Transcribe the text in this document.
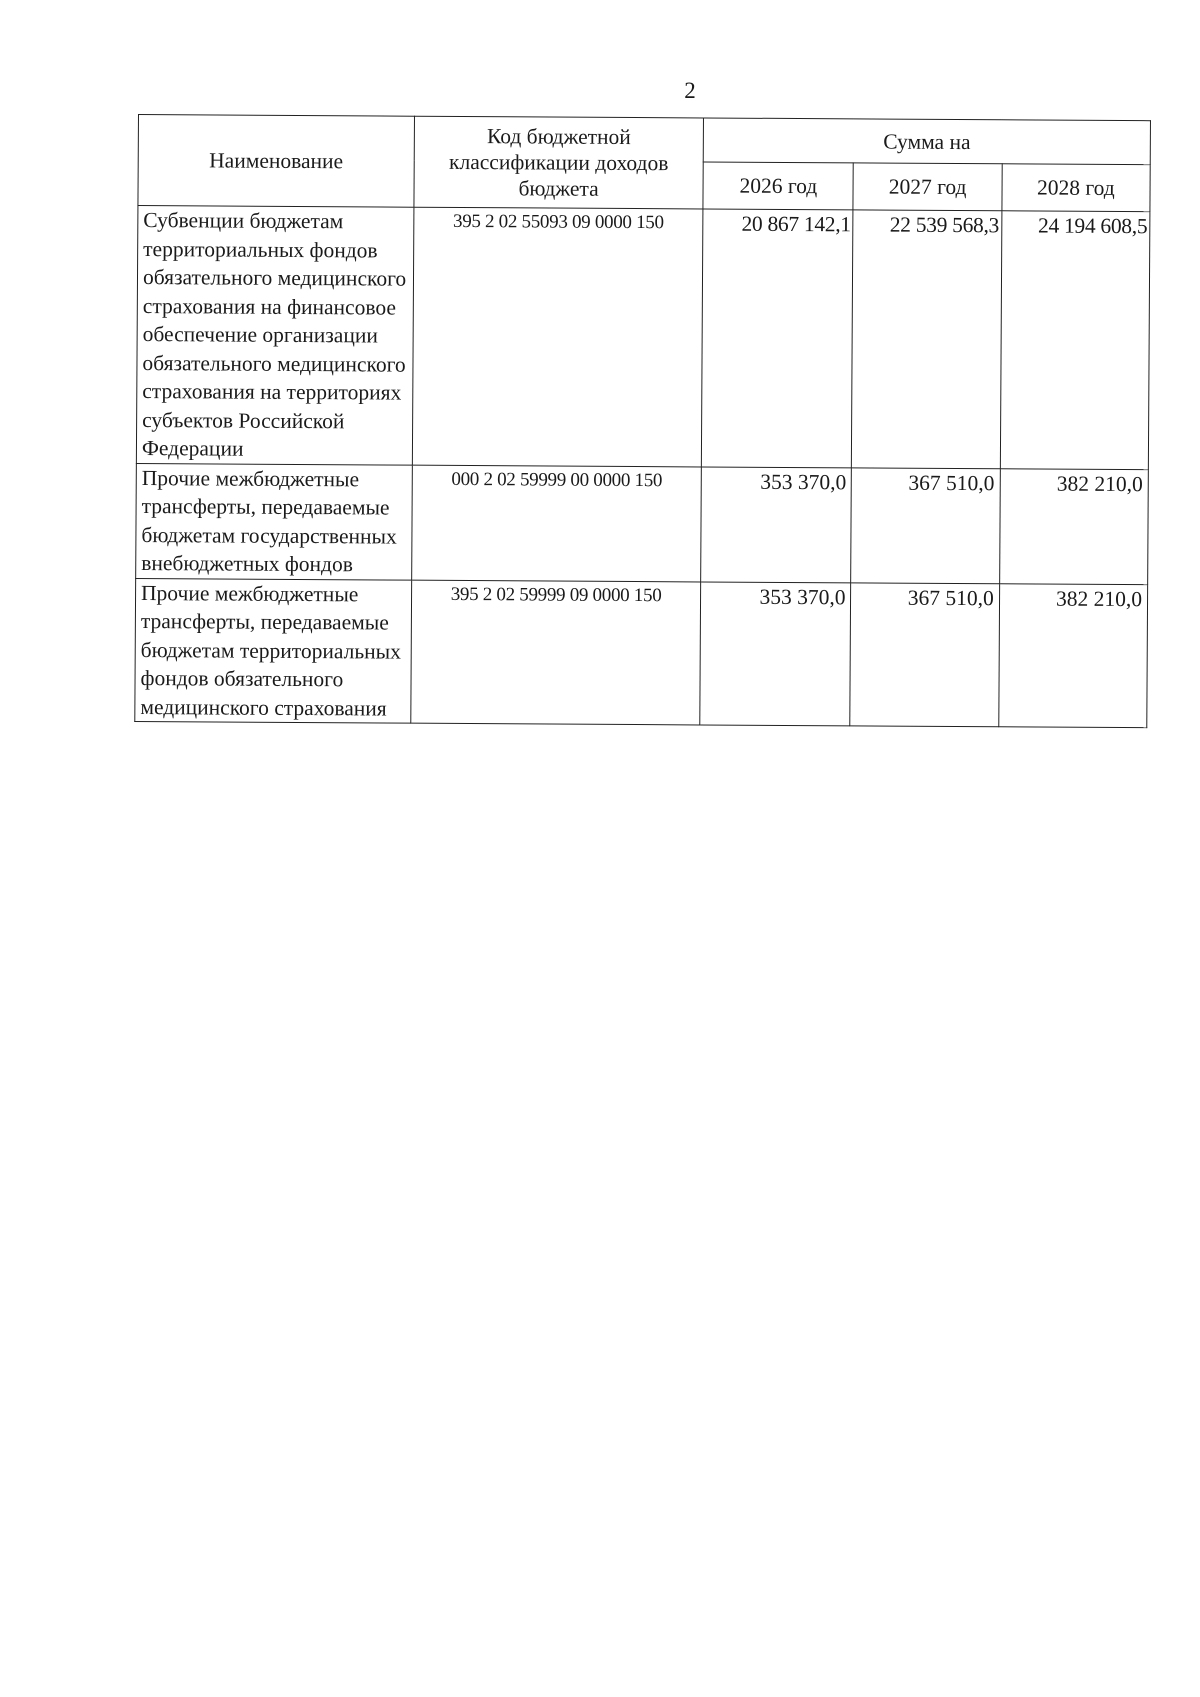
2
Наименование	Код бюджетной классификации доходов бюджета	Сумма на		
		2026 год	2027 год	2028 год
Субвенции бюджетам территориальных фондов обязательного медицинского страхования на финансовое обеспечение организации обязательного медицинского страхования на территориях субъектов Российской Федерации	395 2 02 55093 09 0000 150	20 867 142,1	22 539 568,3	24 194 608,5
Прочие межбюджетные трансферты, передаваемые бюджетам государственных внебюджетных фондов	000 2 02 59999 00 0000 150	353 370,0	367 510,0	382 210,0
Прочие межбюджетные трансферты, передаваемые бюджетам территориальных фондов обязательного медицинского страхования	395 2 02 59999 09 0000 150	353 370,0	367 510,0	382 210,0
